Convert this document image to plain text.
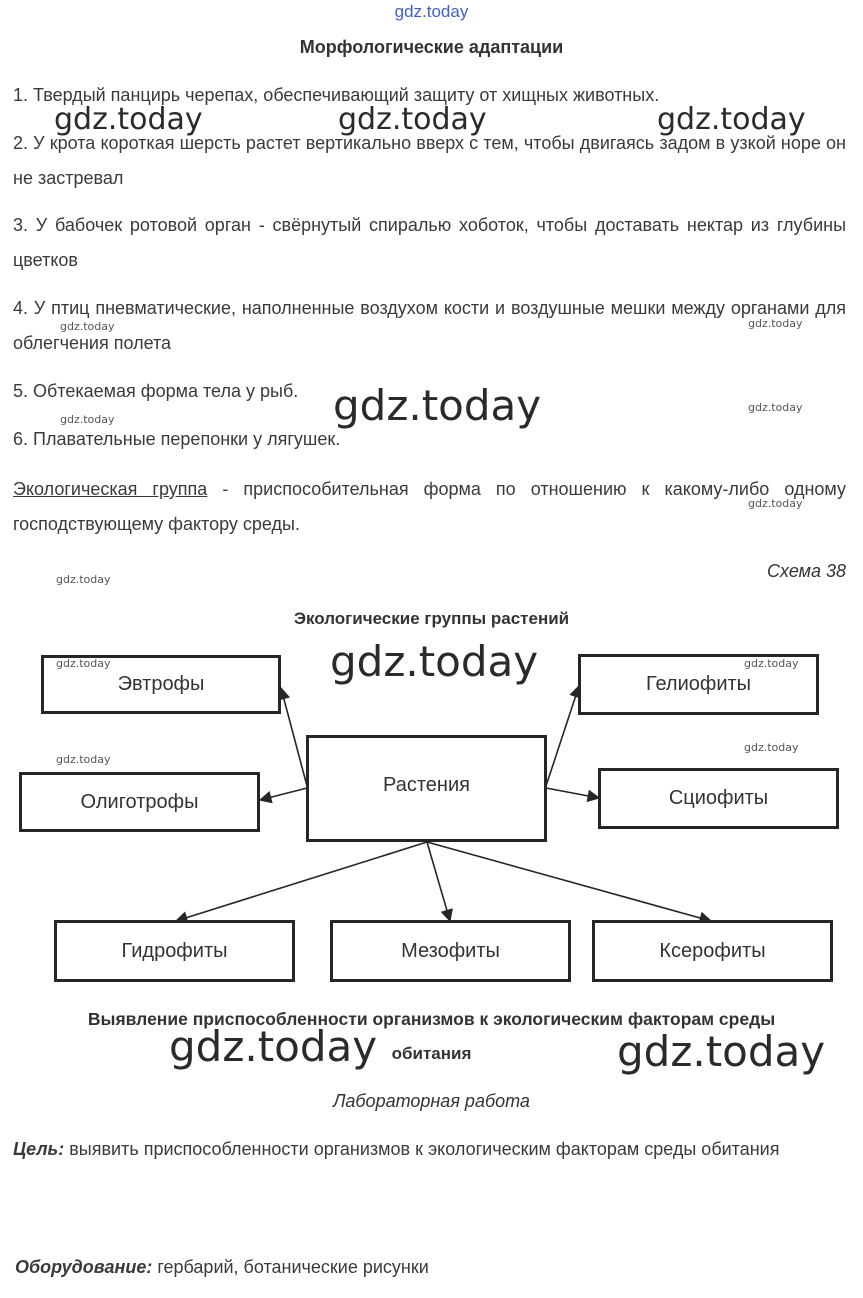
gdz.today
Морфологические адаптации
1. Твердый панцирь черепах, обеспечивающий защиту от хищных животных.
2. У крота короткая шерсть растет вертикально вверх с тем, чтобы двигаясь задом в узкой норе он не застревал
3. У бабочек ротовой орган - свёрнутый спиралью хоботок, чтобы доставать нектар из глубины цветков
4. У птиц пневматические, наполненные воздухом кости и воздушные мешки между органами для облегчения полета
5. Обтекаемая форма тела у рыб.
6. Плавательные перепонки у лягушек.
Экологическая группа - приспособительная форма по отношению к какому-либо одному господствующему фактору среды.
gdz.today	gdz.today	gdz.today
gdz.today	gdz.today
gdz.today	gdz.today
gdz.today
gdz.today
Схема 38
gdz.today
Экологические группы растений
Эвтрофы
Олиготрофы
Растения
Гелиофиты
Сциофиты
Гидрофиты	Мезофиты	Ксерофиты
gdz.today	gdz.today	gdz.today
gdz.today
gdz.today
Выявление приспособленности организмов к экологическим факторам среды
обитания
gdz.today	gdz.today
Лабораторная работа
Цель: выявить приспособленности организмов к экологическим факторам среды обитания
Оборудование: гербарий, ботанические рисунки
